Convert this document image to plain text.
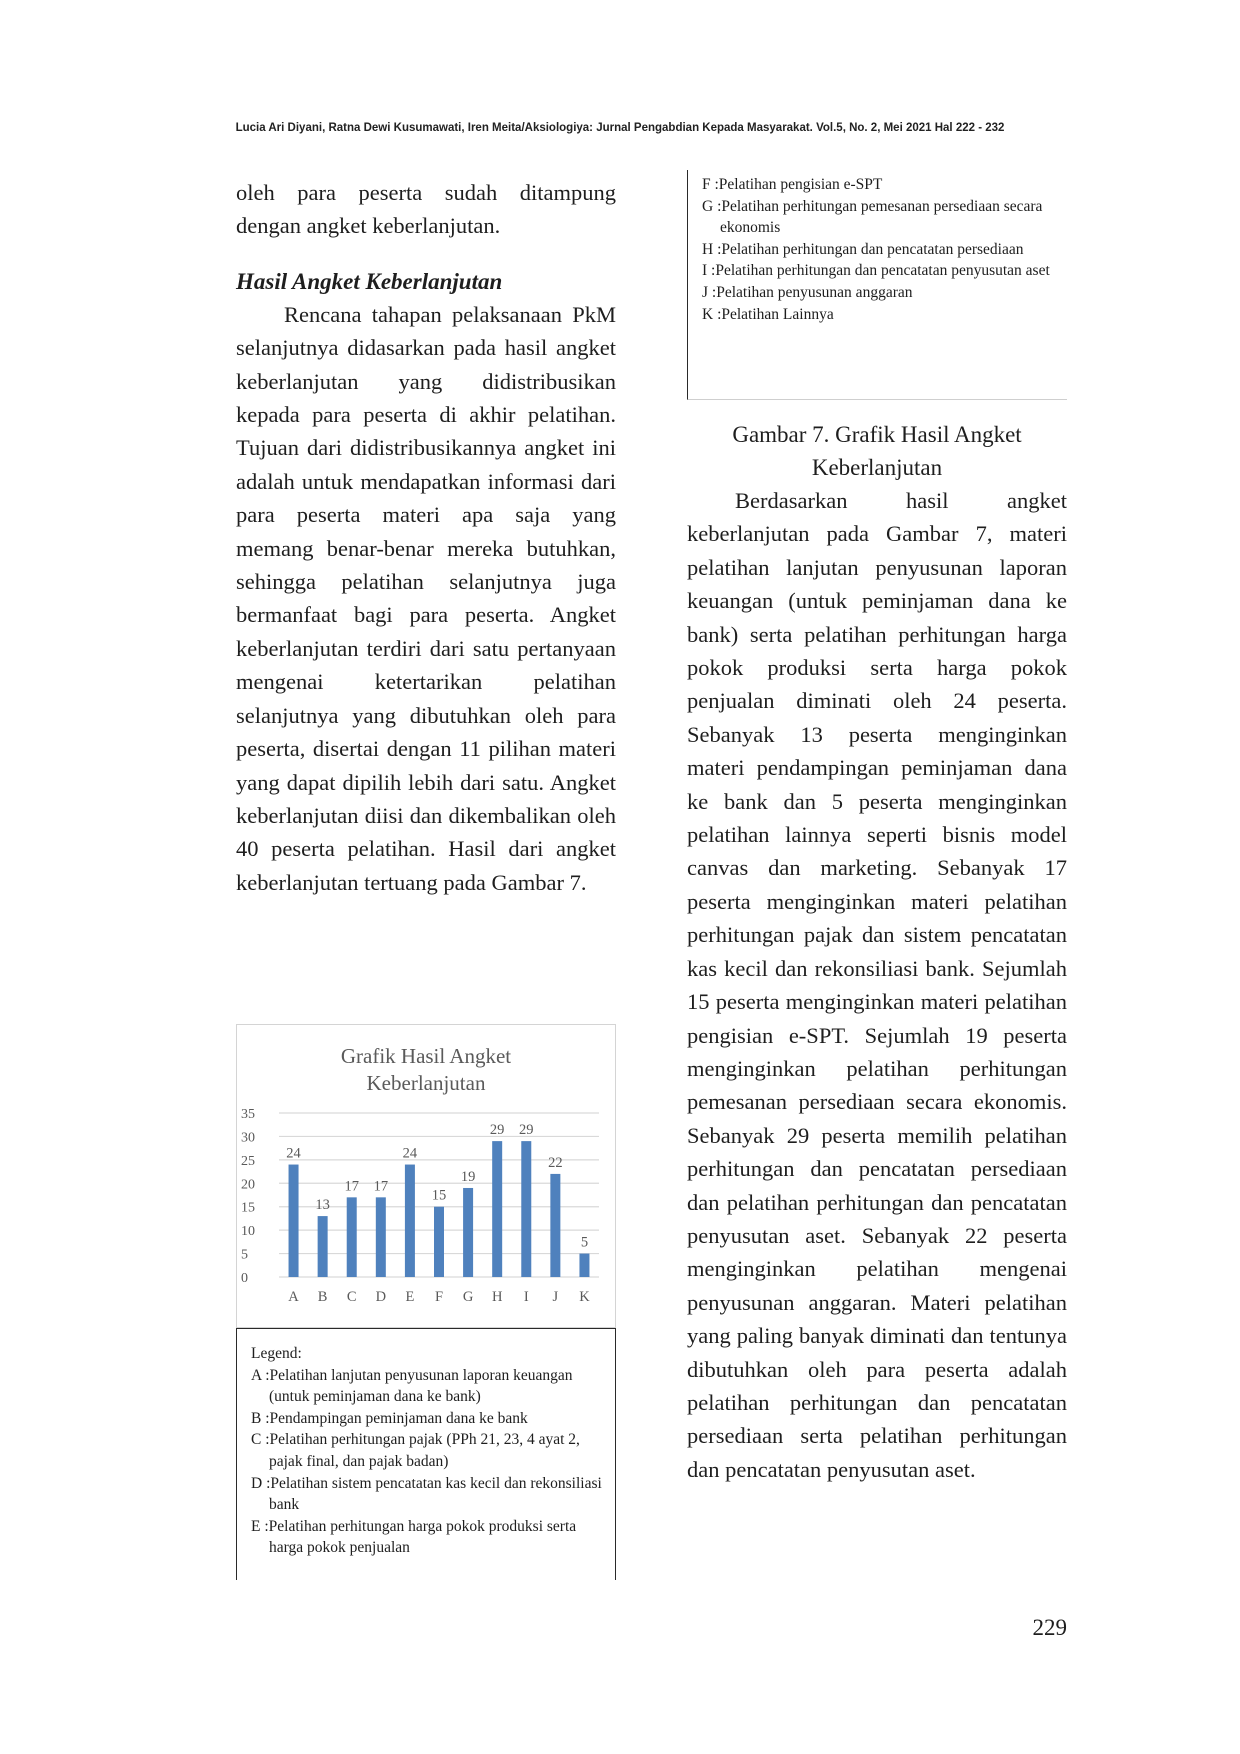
Lucia Ari Diyani, Ratna Dewi Kusumawati, Iren Meita/Aksiologiya: Jurnal Pengabdian Kepada Masyarakat. Vol.5, No. 2, Mei 2021 Hal 222 - 232

oleh para peserta sudah ditampung dengan angket keberlanjutan.

Hasil Angket Keberlanjutan

Rencana tahapan pelaksanaan PkM selanjutnya didasarkan pada hasil angket keberlanjutan yang didistribusikan kepada para peserta di akhir pelatihan. Tujuan dari didistribusikannya angket ini adalah untuk mendapatkan informasi dari para peserta materi apa saja yang memang benar-benar mereka butuhkan, sehingga pelatihan selanjutnya juga bermanfaat bagi para peserta. Angket keberlanjutan terdiri dari satu pertanyaan mengenai ketertarikan pelatihan selanjutnya yang dibutuhkan oleh para peserta, disertai dengan 11 pilihan materi yang dapat dipilih lebih dari satu. Angket keberlanjutan diisi dan dikembalikan oleh 40 peserta pelatihan. Hasil dari angket keberlanjutan tertuang pada Gambar 7.

Grafik Hasil Angket
Keberlanjutan
0
5
10
15
20
25
30
35
24
13
17 17
24
15
19
29 29
22
5
A B C D E F G H I J K
Legend:
A :Pelatihan lanjutan penyusunan laporan keuangan (untuk peminjaman dana ke bank)
B :Pendampingan peminjaman dana ke bank
C :Pelatihan perhitungan pajak (PPh 21, 23, 4 ayat 2, pajak final, dan pajak badan)
D :Pelatihan sistem pencatatan kas kecil dan rekonsiliasi bank
E :Pelatihan perhitungan harga pokok produksi serta harga pokok penjualan
F :Pelatihan pengisian e-SPT
G :Pelatihan perhitungan pemesanan persediaan secara ekonomis
H :Pelatihan perhitungan dan pencatatan persediaan
I :Pelatihan perhitungan dan pencatatan penyusutan aset
J :Pelatihan penyusunan anggaran
K :Pelatihan Lainnya

Gambar 7. Grafik Hasil Angket Keberlanjutan

Berdasarkan hasil angket keberlanjutan pada Gambar 7, materi pelatihan lanjutan penyusunan laporan keuangan (untuk peminjaman dana ke bank) serta pelatihan perhitungan harga pokok produksi serta harga pokok penjualan diminati oleh 24 peserta. Sebanyak 13 peserta menginginkan materi pendampingan peminjaman dana ke bank dan 5 peserta menginginkan pelatihan lainnya seperti bisnis model canvas dan marketing. Sebanyak 17 peserta menginginkan materi pelatihan perhitungan pajak dan sistem pencatatan kas kecil dan rekonsiliasi bank. Sejumlah 15 peserta menginginkan materi pelatihan pengisian e-SPT. Sejumlah 19 peserta menginginkan pelatihan perhitungan pemesanan persediaan secara ekonomis. Sebanyak 29 peserta memilih pelatihan perhitungan dan pencatatan persediaan dan pelatihan perhitungan dan pencatatan penyusutan aset. Sebanyak 22 peserta menginginkan pelatihan mengenai penyusunan anggaran. Materi pelatihan yang paling banyak diminati dan tentunya dibutuhkan oleh para peserta adalah pelatihan perhitungan dan pencatatan persediaan serta pelatihan perhitungan dan pencatatan penyusutan aset.

229
